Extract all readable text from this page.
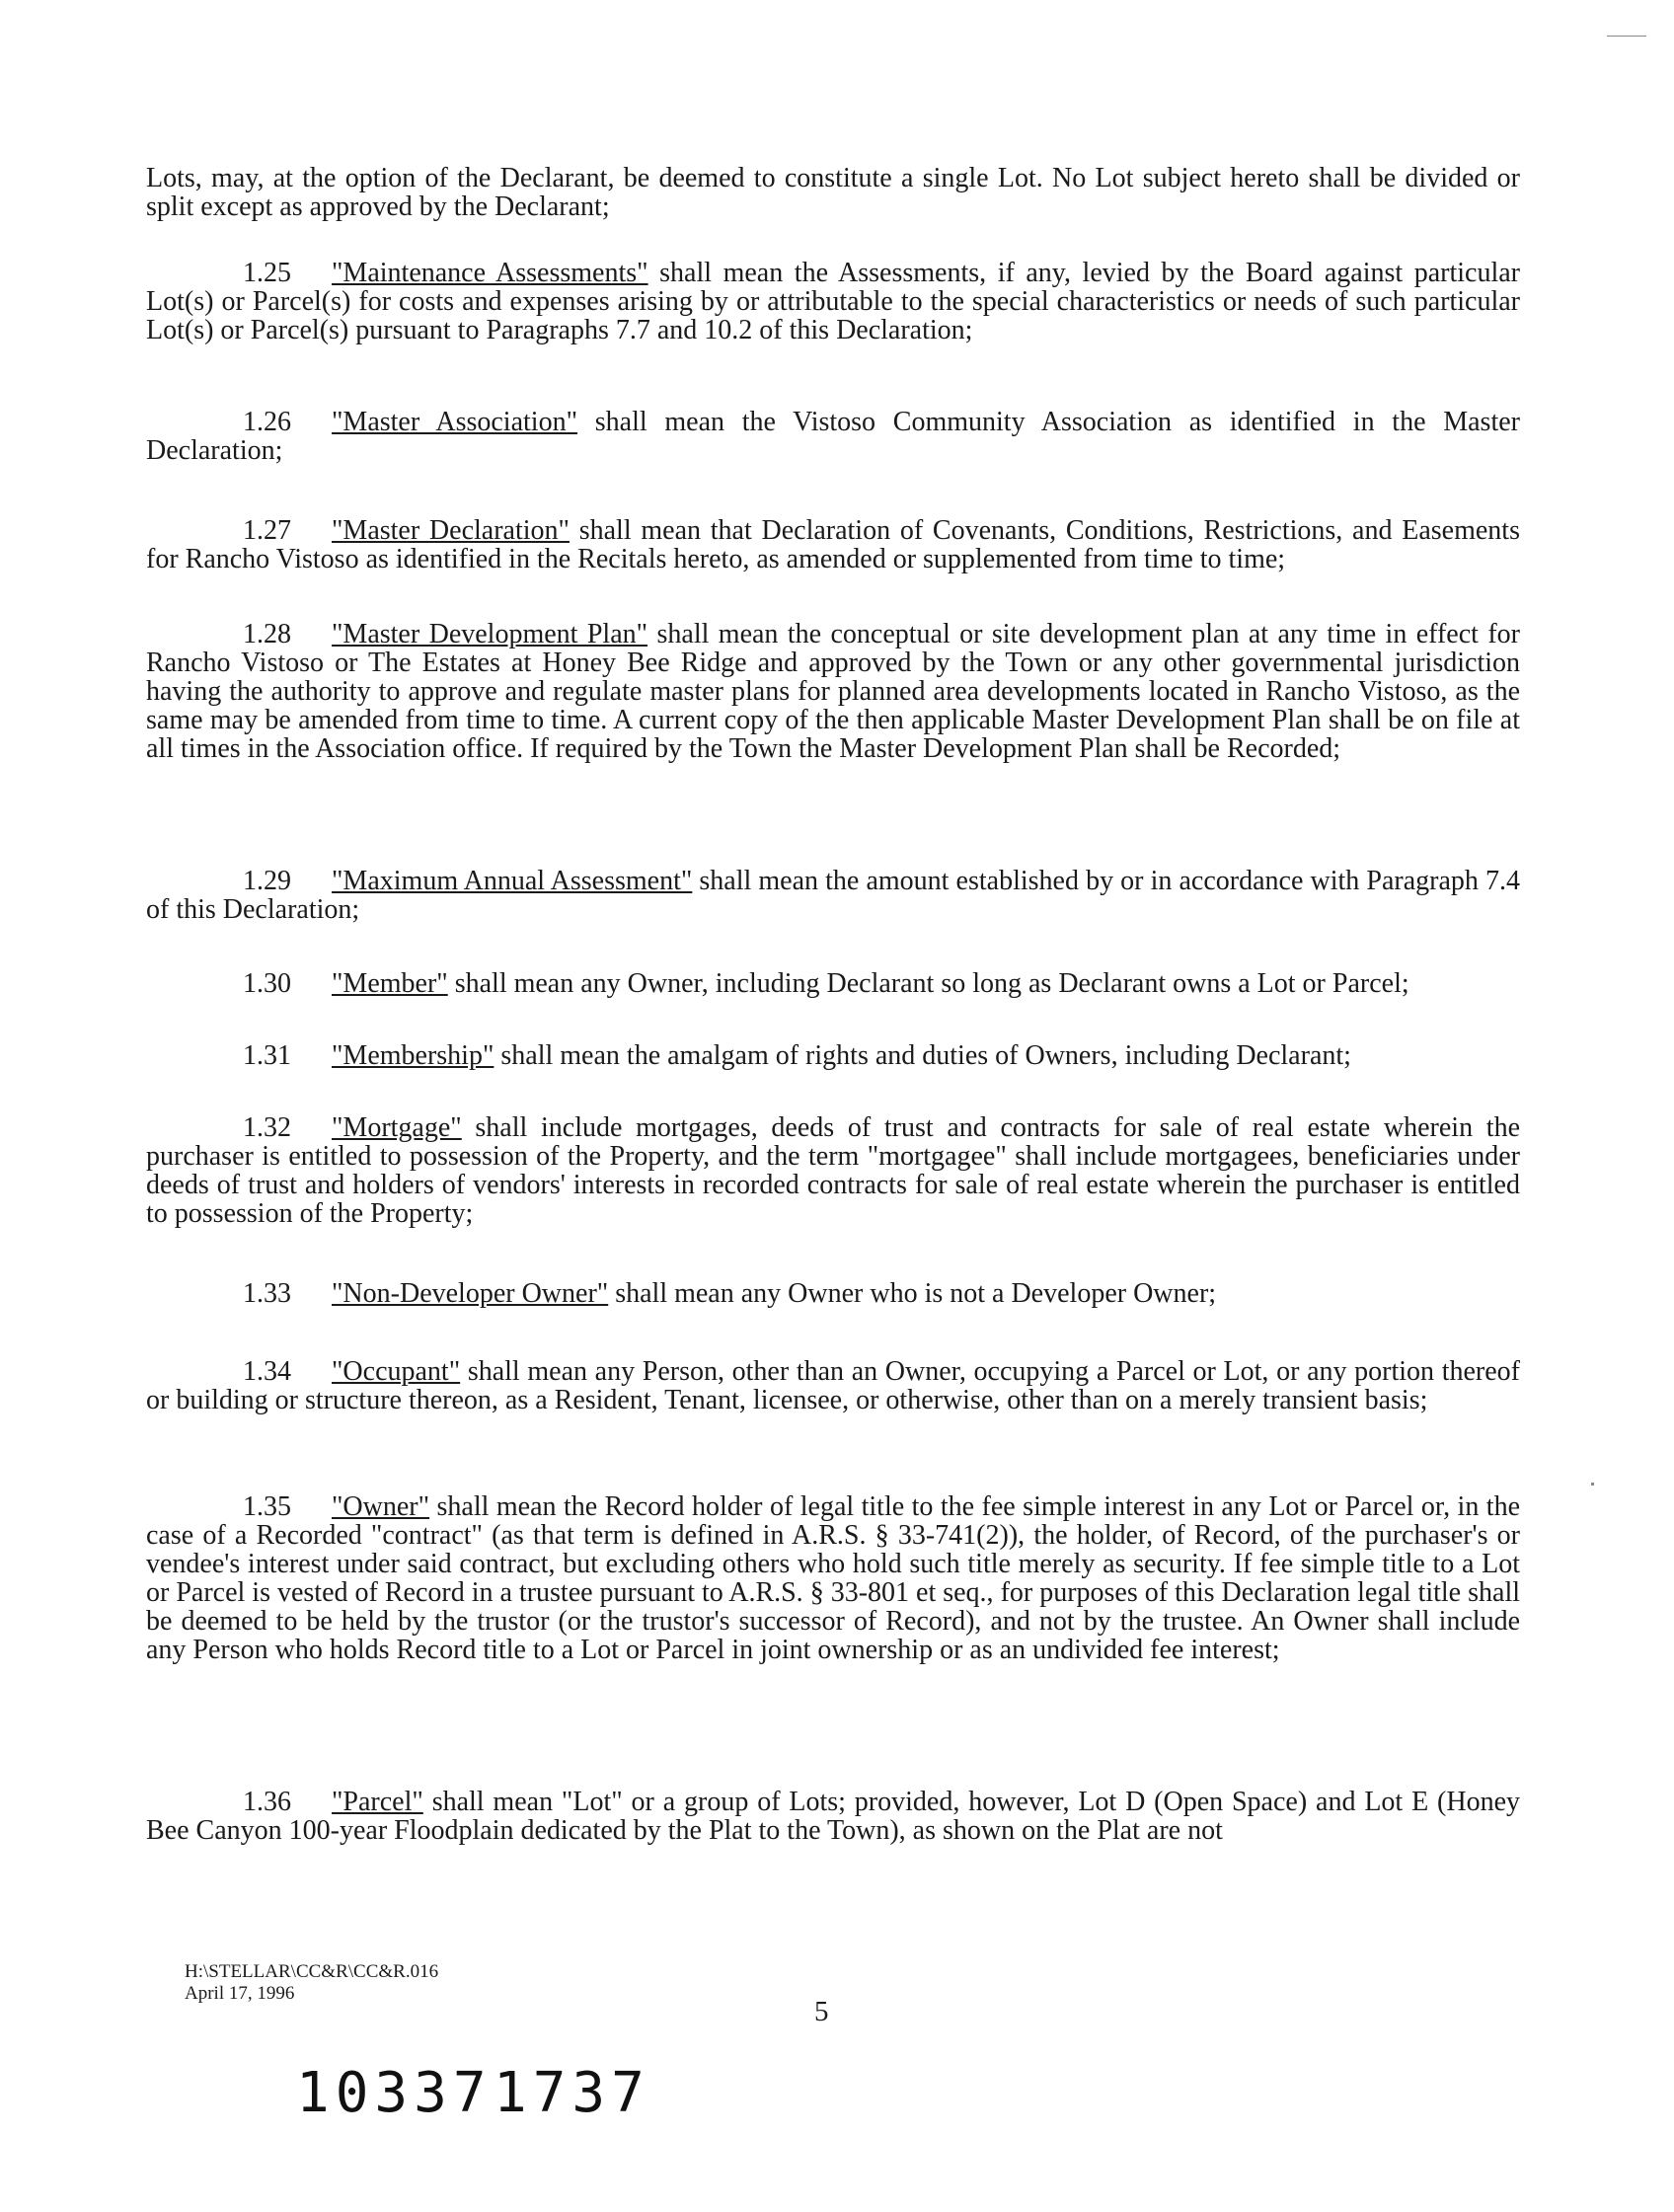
Lots, may, at the option of the Declarant, be deemed to constitute a single Lot. No Lot subject hereto shall be divided or split except as approved by the Declarant;

1.25 "Maintenance Assessments" shall mean the Assessments, if any, levied by the Board against particular Lot(s) or Parcel(s) for costs and expenses arising by or attributable to the special characteristics or needs of such particular Lot(s) or Parcel(s) pursuant to Paragraphs 7.7 and 10.2 of this Declaration;

1.26 "Master Association" shall mean the Vistoso Community Association as identified in the Master Declaration;

1.27 "Master Declaration" shall mean that Declaration of Covenants, Conditions, Restrictions, and Easements for Rancho Vistoso as identified in the Recitals hereto, as amended or supplemented from time to time;

1.28 "Master Development Plan" shall mean the conceptual or site development plan at any time in effect for Rancho Vistoso or The Estates at Honey Bee Ridge and approved by the Town or any other governmental jurisdiction having the authority to approve and regulate master plans for planned area developments located in Rancho Vistoso, as the same may be amended from time to time. A current copy of the then applicable Master Development Plan shall be on file at all times in the Association office. If required by the Town the Master Development Plan shall be Recorded;

1.29 "Maximum Annual Assessment" shall mean the amount established by or in accordance with Paragraph 7.4 of this Declaration;

1.30 "Member" shall mean any Owner, including Declarant so long as Declarant owns a Lot or Parcel;

1.31 "Membership" shall mean the amalgam of rights and duties of Owners, including Declarant;

1.32 "Mortgage" shall include mortgages, deeds of trust and contracts for sale of real estate wherein the purchaser is entitled to possession of the Property, and the term "mortgagee" shall include mortgagees, beneficiaries under deeds of trust and holders of vendors' interests in recorded contracts for sale of real estate wherein the purchaser is entitled to possession of the Property;

1.33 "Non-Developer Owner" shall mean any Owner who is not a Developer Owner;

1.34 "Occupant" shall mean any Person, other than an Owner, occupying a Parcel or Lot, or any portion thereof or building or structure thereon, as a Resident, Tenant, licensee, or otherwise, other than on a merely transient basis;

1.35 "Owner" shall mean the Record holder of legal title to the fee simple interest in any Lot or Parcel or, in the case of a Recorded "contract" (as that term is defined in A.R.S. § 33-741(2)), the holder, of Record, of the purchaser's or vendee's interest under said contract, but excluding others who hold such title merely as security. If fee simple title to a Lot or Parcel is vested of Record in a trustee pursuant to A.R.S. § 33-801 et seq., for purposes of this Declaration legal title shall be deemed to be held by the trustor (or the trustor's successor of Record), and not by the trustee. An Owner shall include any Person who holds Record title to a Lot or Parcel in joint ownership or as an undivided fee interest;

1.36 "Parcel" shall mean "Lot" or a group of Lots; provided, however, Lot D (Open Space) and Lot E (Honey Bee Canyon 100-year Floodplain dedicated by the Plat to the Town), as shown on the Plat are not

H:\STELLAR\CC&R\CC&R.016
April 17, 1996
5
10337 1737
